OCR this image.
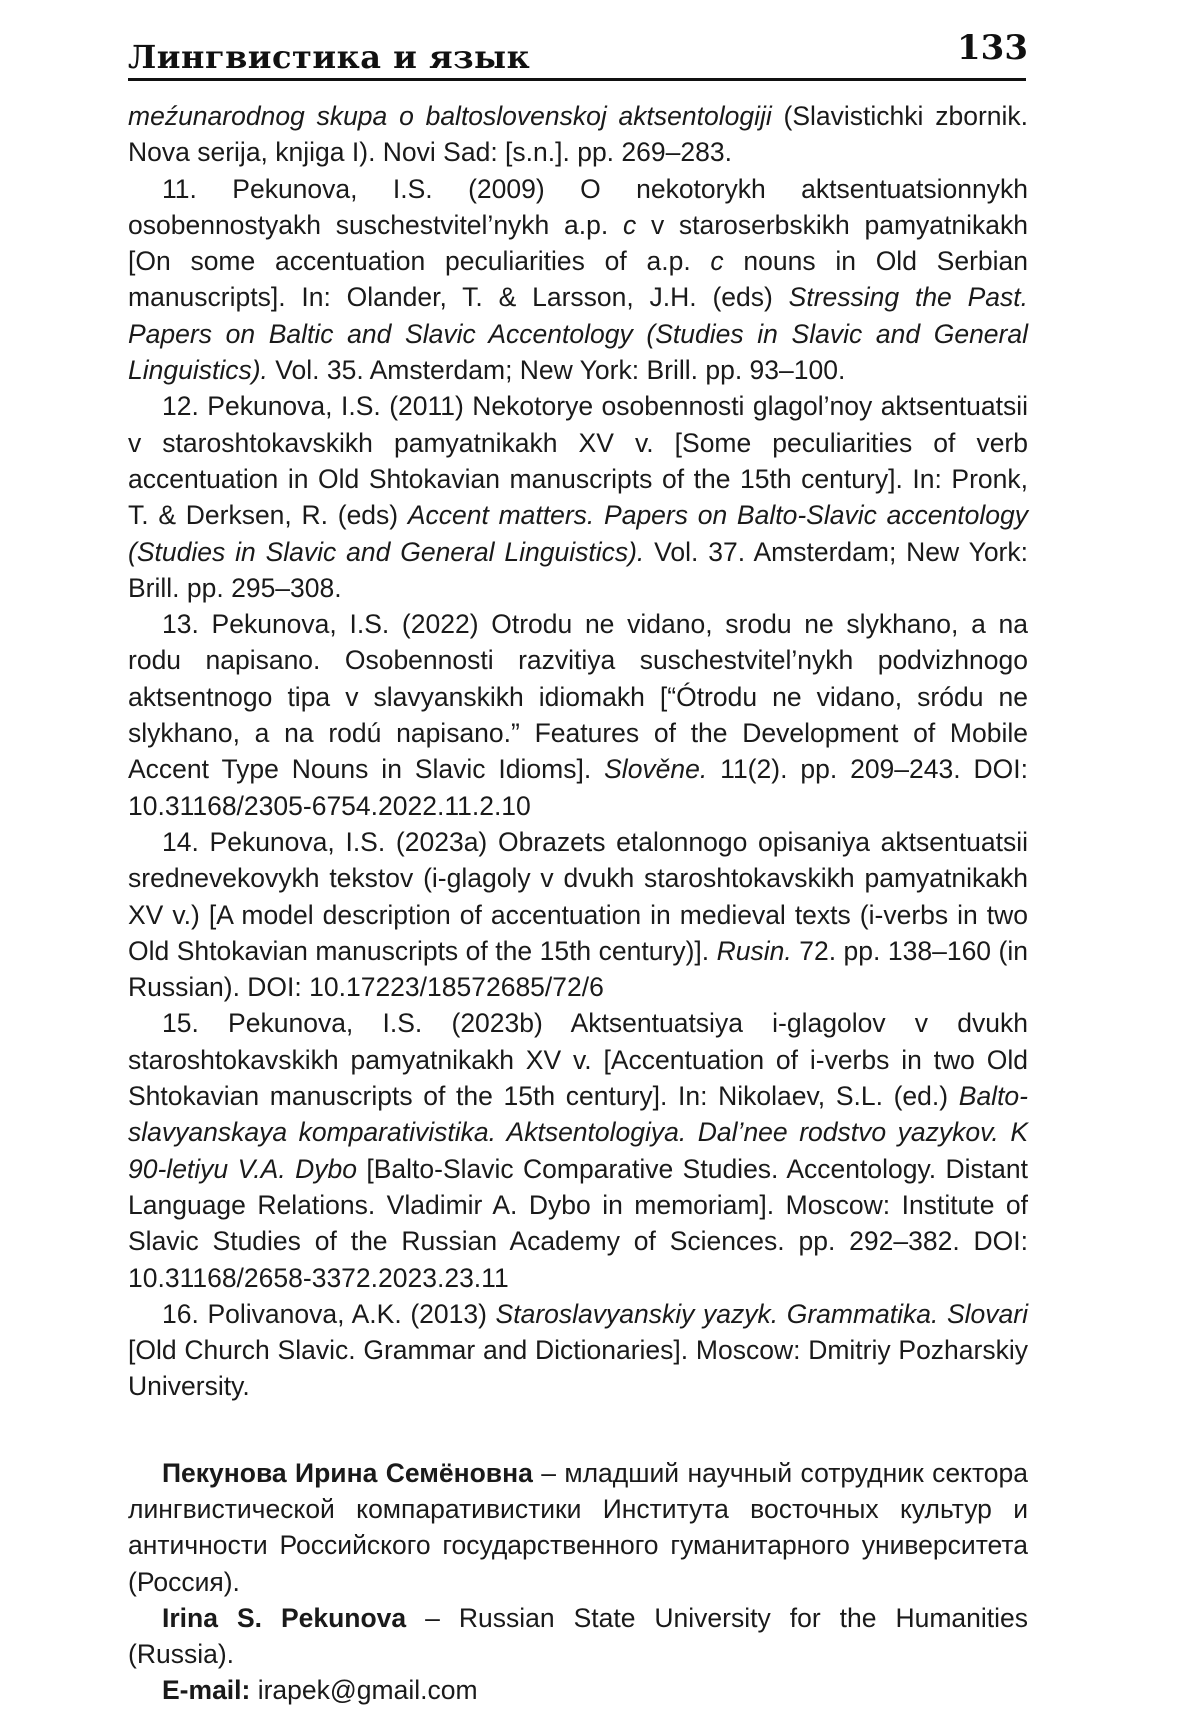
Лингвистика и язык	133

meźunarodnog skupa o baltoslovenskoj aktsentologiji (Slavistichki zbornik. Nova serija, knjiga I). Novi Sad: [s.n.]. pp. 269–283.

11. Pekunova, I.S. (2009) O nekotorykh aktsentuatsionnykh osobennostyakh suschestvitel’nykh a.p. c v staroserbskikh pamyatnikakh [On some accentuation peculiarities of a.p. c nouns in Old Serbian manuscripts]. In: Olander, T. & Larsson, J.H. (eds) Stressing the Past. Papers on Baltic and Slavic Accentology (Studies in Slavic and General Linguistics). Vol. 35. Amsterdam; New York: Brill. pp. 93–100.

12. Pekunova, I.S. (2011) Nekotorye osobennosti glagol’noy aktsentuatsii v staroshtokavskikh pamyatnikakh XV v. [Some peculiarities of verb accentuation in Old Shtokavian manuscripts of the 15th century]. In: Pronk, T. & Derksen, R. (eds) Accent matters. Papers on Balto-Slavic accentology (Studies in Slavic and General Linguistics). Vol. 37. Amsterdam; New York: Brill. pp. 295–308.

13. Pekunova, I.S. (2022) Otrodu ne vidano, srodu ne slykhano, a na rodu napisano. Osobennosti razvitiya suschestvitel’nykh podvizhnogo aktsentnogo tipa v slavyanskikh idiomakh [“Ótrodu ne vidano, sródu ne slykhano, a na rodú napisano.” Features of the Development of Mobile Accent Type Nouns in Slavic Idioms]. Slověne. 11(2). pp. 209–243. DOI: 10.31168/2305-6754.2022.11.2.10

14. Pekunova, I.S. (2023a) Obrazets etalonnogo opisaniya aktsentuatsii srednevekovykh tekstov (i-glagoly v dvukh staroshtokavskikh pamyatnikakh XV v.) [A model description of accentuation in medieval texts (i-verbs in two Old Shtokavian manuscripts of the 15th century)]. Rusin. 72. pp. 138–160 (in Russian). DOI: 10.17223/18572685/72/6

15. Pekunova, I.S. (2023b) Aktsentuatsiya i-glagolov v dvukh staroshtokavskikh pamyatnikakh XV v. [Accentuation of i-verbs in two Old Shtokavian manuscripts of the 15th century]. In: Nikolaev, S.L. (ed.) Balto-slavyanskaya komparativistika. Aktsentologiya. Dal’nee rodstvo yazykov. K 90-letiyu V.A. Dybo [Balto-Slavic Comparative Studies. Accentology. Distant Language Relations. Vladimir A. Dybo in memoriam]. Moscow: Institute of Slavic Studies of the Russian Academy of Sciences. pp. 292–382. DOI: 10.31168/2658-3372.2023.23.11

16. Polivanova, A.K. (2013) Staroslavyanskiy yazyk. Grammatika. Slovari [Old Church Slavic. Grammar and Dictionaries]. Moscow: Dmitriy Pozharskiy University.

Пекунова Ирина Семёновна – младший научный сотрудник сектора лингвистической компаративистики Института восточных культур и античности Российского государственного гуманитарного университета (Россия).

Irina S. Pekunova – Russian State University for the Humanities (Russia).

E-mail: irapek@gmail.com
